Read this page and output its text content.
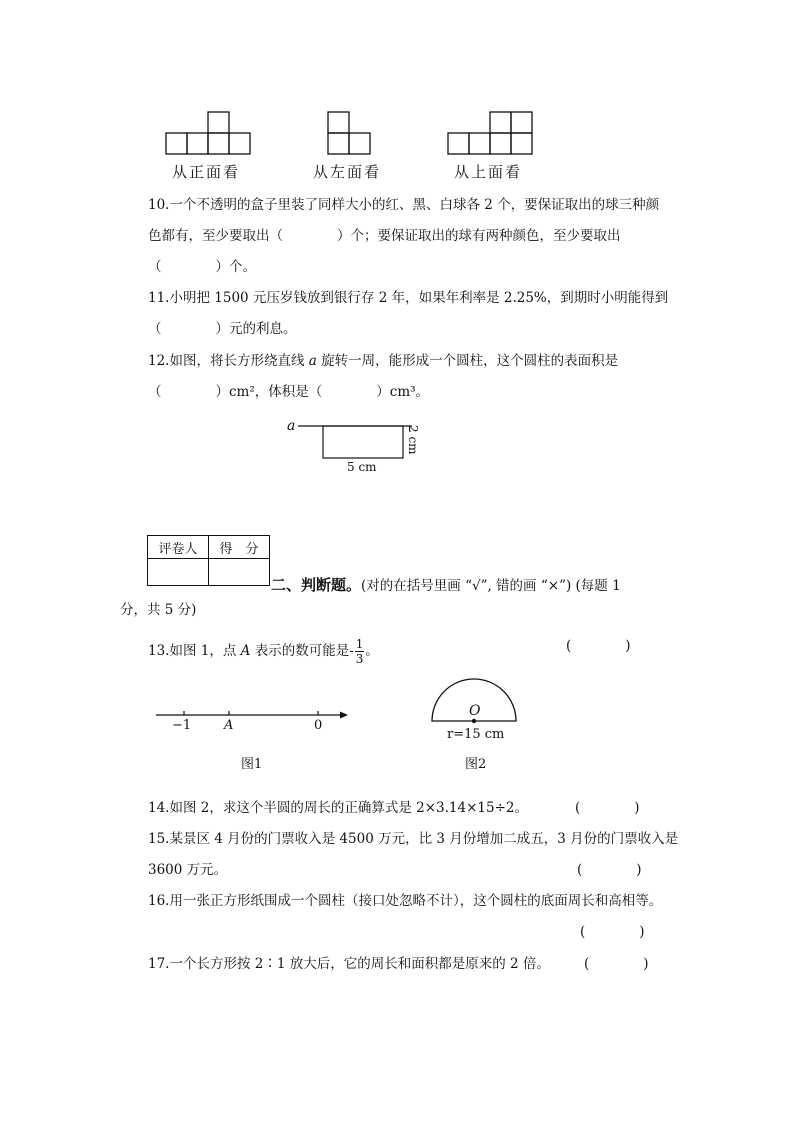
从正面看	从左面看	从上面看
10.一个不透明的盒子里装了同样大小的红、黑、白球各 2 个，要保证取出的球三种颜
色都有，至少要取出（　　　　）个；要保证取出的球有两种颜色，至少要取出
（　　　　）个。
11.小明把 1500 元压岁钱放到银行存 2 年，如果年利率是 2.25%，到期时小明能得到
（　　　　）元的利息。
12.如图，将长方形绕直线 a 旋转一周，能形成一个圆柱，这个圆柱的表面积是
（　　　　）cm²，体积是（　　　　）cm³。
a
5 cm
2 cm
评卷人	得　分

二、判断题。(对的在括号里画 “√”, 错的画 “×”) (每题 1
分，共 5 分)
13.如图 1，点 A 表示的数可能是- $\frac{1}{3}$ 。	(　　　　)
−1	A	0
图1
O
r=15 cm
图2
14.如图 2，求这个半圆的周长的正确算式是 2×3.14×15÷2。	(　　　　)
15.某景区 4 月份的门票收入是 4500 万元，比 3 月份增加二成五，3 月份的门票收入是
3600 万元。	(　　　　)
16.用一张正方形纸围成一个圆柱（接口处忽略不计），这个圆柱的底面周长和高相等。
(　　　　)
17.一个长方形按 2∶1 放大后，它的周长和面积都是原来的 2 倍。	(　　　　)
